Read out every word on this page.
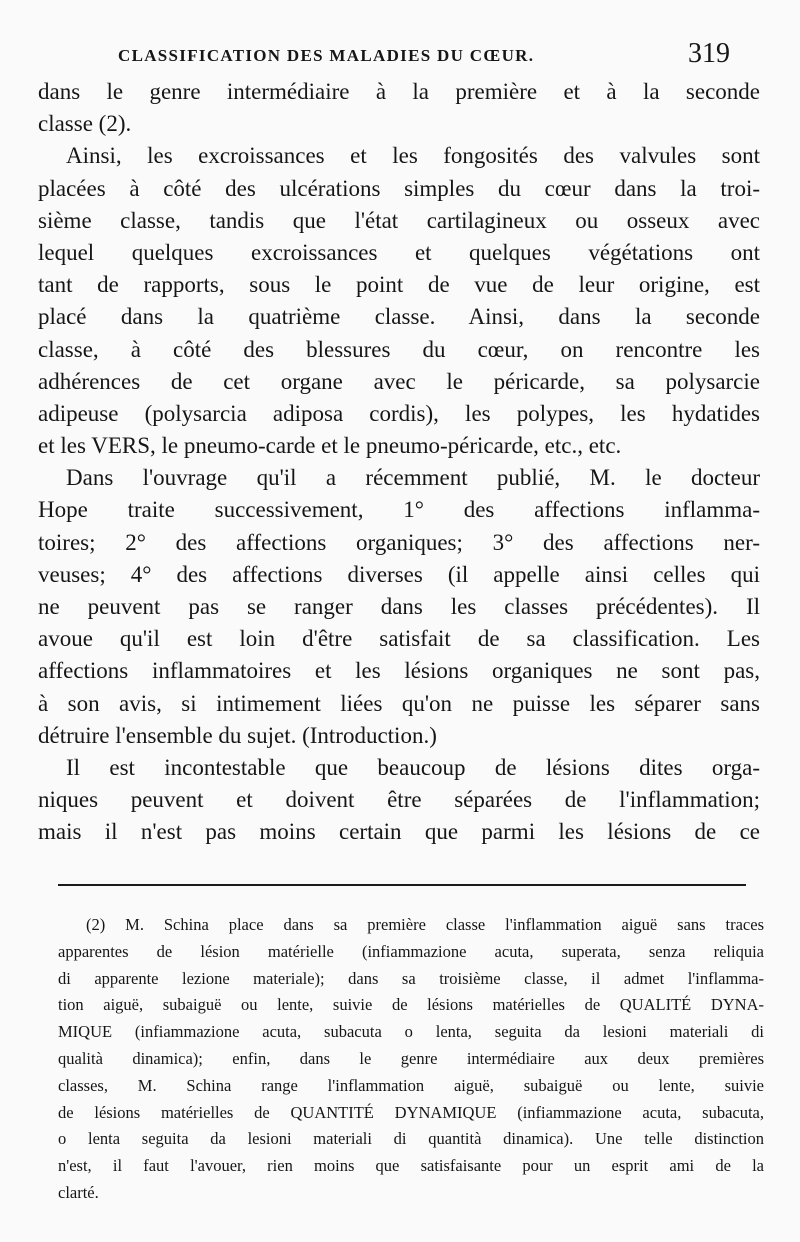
CLASSIFICATION DES MALADIES DU CŒUR.	319
dans le genre intermédiaire à la première et à la seconde
classe (2).
Ainsi, les excroissances et les fongosités des valvules sont
placées à côté des ulcérations simples du cœur dans la troi-
sième classe, tandis que l'état cartilagineux ou osseux avec
lequel quelques excroissances et quelques végétations ont
tant de rapports, sous le point de vue de leur origine, est
placé dans la quatrième classe. Ainsi, dans la seconde
classe, à côté des blessures du cœur, on rencontre les
adhérences de cet organe avec le péricarde, sa polysarcie
adipeuse (polysarcia adiposa cordis), les polypes, les hydatides
et les VERS, le pneumo-carde et le pneumo-péricarde, etc., etc.
Dans l'ouvrage qu'il a récemment publié, M. le docteur
Hope traite successivement, 1° des affections inflamma-
toires; 2° des affections organiques; 3° des affections ner-
veuses; 4° des affections diverses (il appelle ainsi celles qui
ne peuvent pas se ranger dans les classes précédentes). Il
avoue qu'il est loin d'être satisfait de sa classification. Les
affections inflammatoires et les lésions organiques ne sont pas,
à son avis, si intimement liées qu'on ne puisse les séparer sans
détruire l'ensemble du sujet. (Introduction.)
Il est incontestable que beaucoup de lésions dites orga-
niques peuvent et doivent être séparées de l'inflammation;
mais il n'est pas moins certain que parmi les lésions de ce
(2) M. Schina place dans sa première classe l'inflammation aiguë sans traces
apparentes de lésion matérielle (infiammazione acuta, superata, senza reliquia
di apparente lezione materiale); dans sa troisième classe, il admet l'inflamma-
tion aiguë, subaiguë ou lente, suivie de lésions matérielles de QUALITÉ DYNA-
MIQUE (infiammazione acuta, subacuta o lenta, seguita da lesioni materiali di
qualità dinamica); enfin, dans le genre intermédiaire aux deux premières
classes, M. Schina range l'inflammation aiguë, subaiguë ou lente, suivie
de lésions matérielles de QUANTITÉ DYNAMIQUE (infiammazione acuta, subacuta,
o lenta seguita da lesioni materiali di quantità dinamica). Une telle distinction
n'est, il faut l'avouer, rien moins que satisfaisante pour un esprit ami de la
clarté.
